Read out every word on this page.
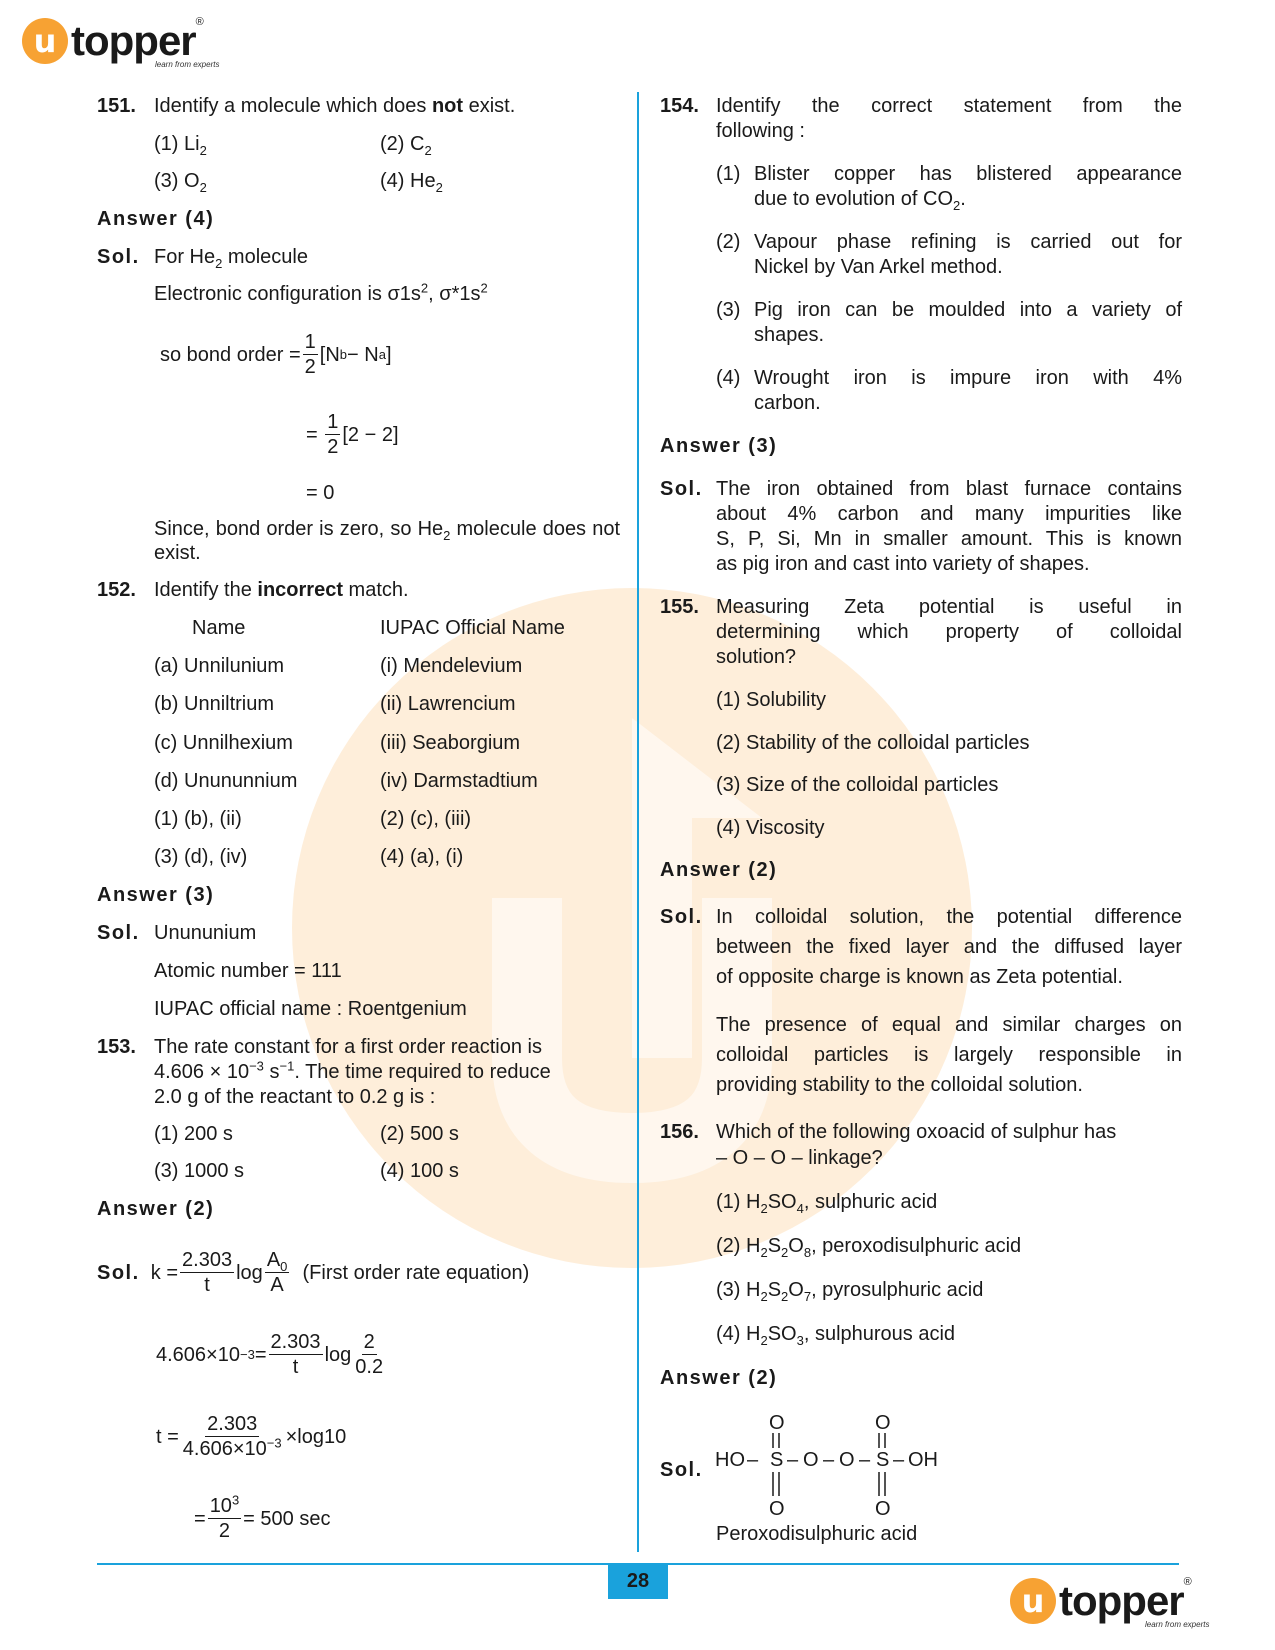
u topper ®
learn from experts
28
u topper ®
learn from experts
151. Identify a molecule which does not exist.
(1) $Li_2$	(2) $C_2$
(3) $O_2$	(4) $He_2$
Answer (4)
Sol. For $He_2$ molecule
Electronic configuration is $\sigma 1s^2$, $\sigma*1s^2$
so bond order = $\frac{1}{2} [N$ b − N a ]
=
$\frac{1}{2} [2 - 2]$
= 0
Since, bond order is zero, so $He_2$ molecule does not exist.
152. Identify the incorrect match.
Name	IUPAC Official Name
(a) Unnilunium	(i) Mendelevium
(b) Unniltrium	(ii) Lawrencium
(c) Unnilhexium	(iii) Seaborgium
(d) Unununnium	(iv) Darmstadtium
(1) (b), (ii)	(2) (c), (iii)
(3) (d), (iv)	(4) (a), (i)
Answer (3)
Sol. Unununium
Atomic number = 111
IUPAC official name : Roentgenium
153. The rate constant for a first order reaction is
$4.606 \times 10^{-3}$ $s^{-1}$. The time required to reduce
2.0 g of the reactant to 0.2 g is :
(1) 200 s	(2) 500 s
(3) 1000 s	(4) 100 s
Answer (2)
Sol.
$k = \frac{2.303}{t}$ $\log \frac{A_0}{A}$
(First order rate equation)
$4.606\times 10 -3 = \frac{2.303}{t}$ $\log \frac{2}{0.2}$
$t = \frac{2.303}{4.606\times 10^{-3}} \times\log 10$
= $\frac{10^3}{2} = 500$ sec
154. Identify the correct statement from the
following :
(1) Blister copper has blistered appearance
due to evolution of $CO_2$.
(2) Vapour phase refining is carried out for
Nickel by Van Arkel method.
(3) Pig iron can be moulded into a variety of
shapes.
(4) Wrought iron is impure iron with 4%
carbon.
Answer (3)
Sol. The iron obtained from blast furnace contains
about 4% carbon and many impurities like
S, P, Si, Mn in smaller amount. This is known
as pig iron and cast into variety of shapes.
155. Measuring Zeta potential is useful in
determining which property of colloidal
solution?
(1) Solubility
(2) Stability of the colloidal particles
(3) Size of the colloidal particles
(4) Viscosity
Answer (2)
Sol. In colloidal solution, the potential difference
between the fixed layer and the diffused layer
of opposite charge is known as Zeta potential.
The presence of equal and similar charges on
colloidal particles is largely responsible in
providing stability to the colloidal solution.
156. Which of the following oxoacid of sulphur has
– O – O – linkage?
(1) $H_2SO_4$, sulphuric acid
(2) $H_2S_2O_8$, peroxodisulphuric acid
(3) $H_2S_2O_7$, pyrosulphuric acid
(4) $H_2SO_3$, sulphurous acid
Answer (2)
Sol. HO – S – O – O – S – OH
O
O
O
O
Peroxodisulphuric acid
